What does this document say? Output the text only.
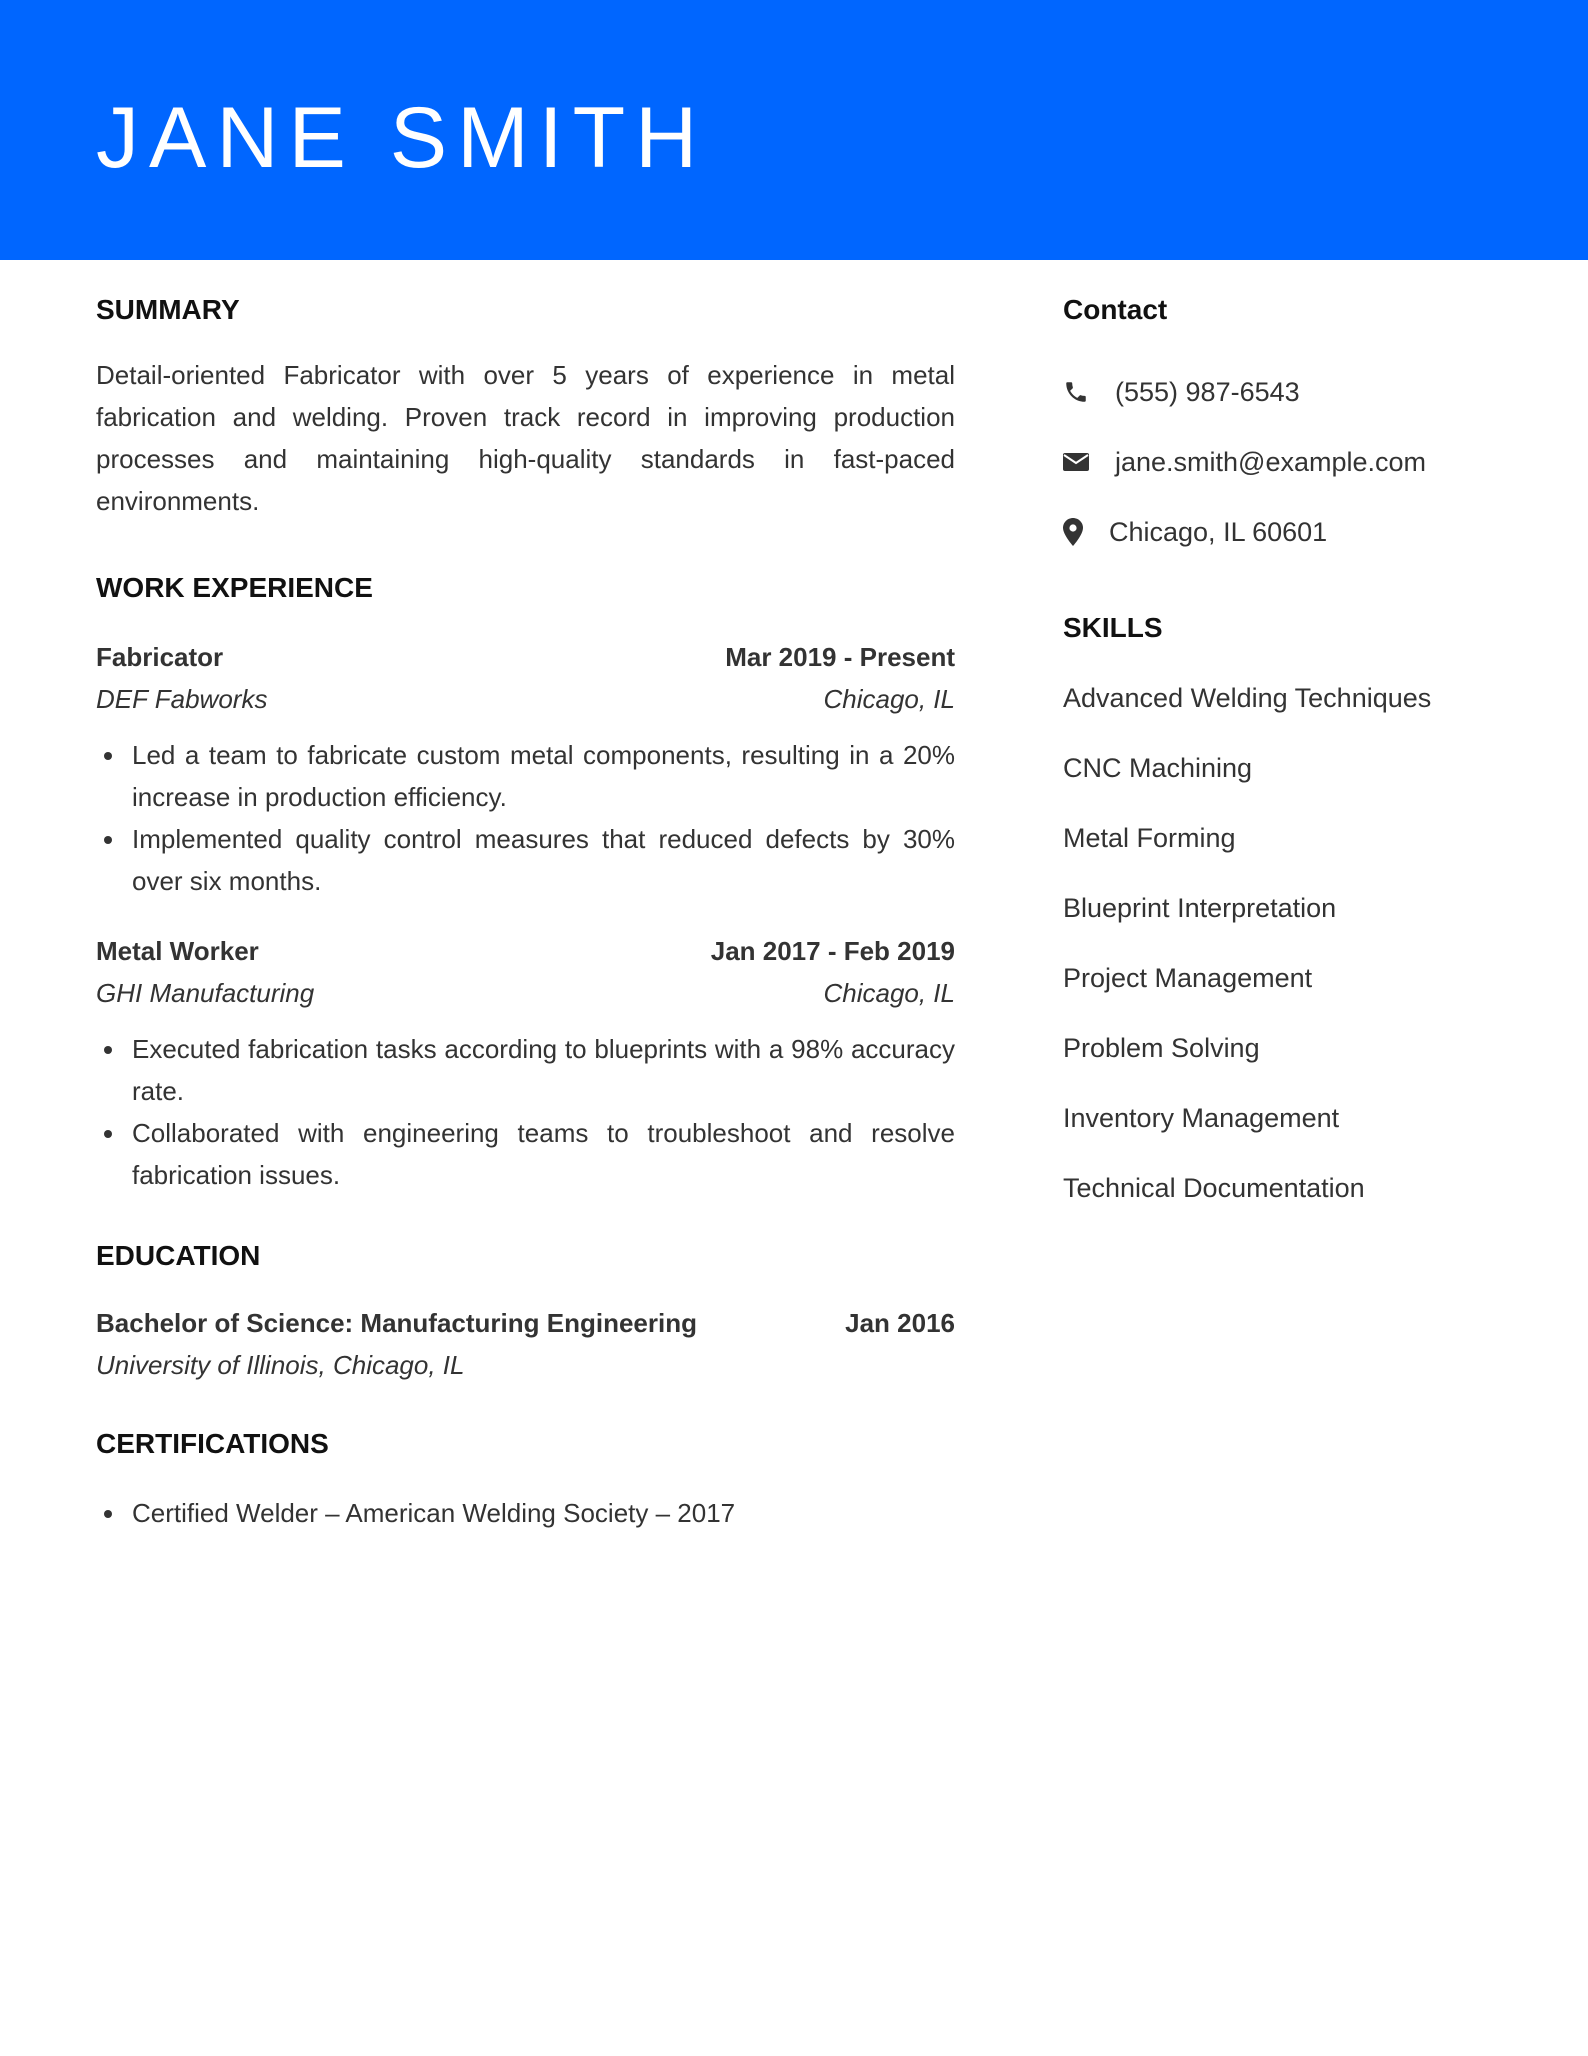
JANE SMITH
SUMMARY

Detail-oriented Fabricator with over 5 years of experience in metal fabrication and welding. Proven track record in improving production processes and maintaining high-quality standards in fast-paced environments.

WORK EXPERIENCE
Fabricator	Mar 2019 - Present
DEF Fabworks	Chicago, IL
Led a team to fabricate custom metal components, resulting in a 20% increase in production efficiency.
Implemented quality control measures that reduced defects by 30% over six months.
Metal Worker	Jan 2017 - Feb 2019
GHI Manufacturing	Chicago, IL
Executed fabrication tasks according to blueprints with a 98% accuracy rate.
Collaborated with engineering teams to troubleshoot and resolve fabrication issues.
EDUCATION
Bachelor of Science: Manufacturing Engineering	Jan 2016
University of Illinois, Chicago, IL
CERTIFICATIONS
Certified Welder – American Welding Society – 2017
Contact
(555) 987-6543
jane.smith@example.com
Chicago, IL 60601
SKILLS
Advanced Welding Techniques
CNC Machining
Metal Forming
Blueprint Interpretation
Project Management
Problem Solving
Inventory Management
Technical Documentation
